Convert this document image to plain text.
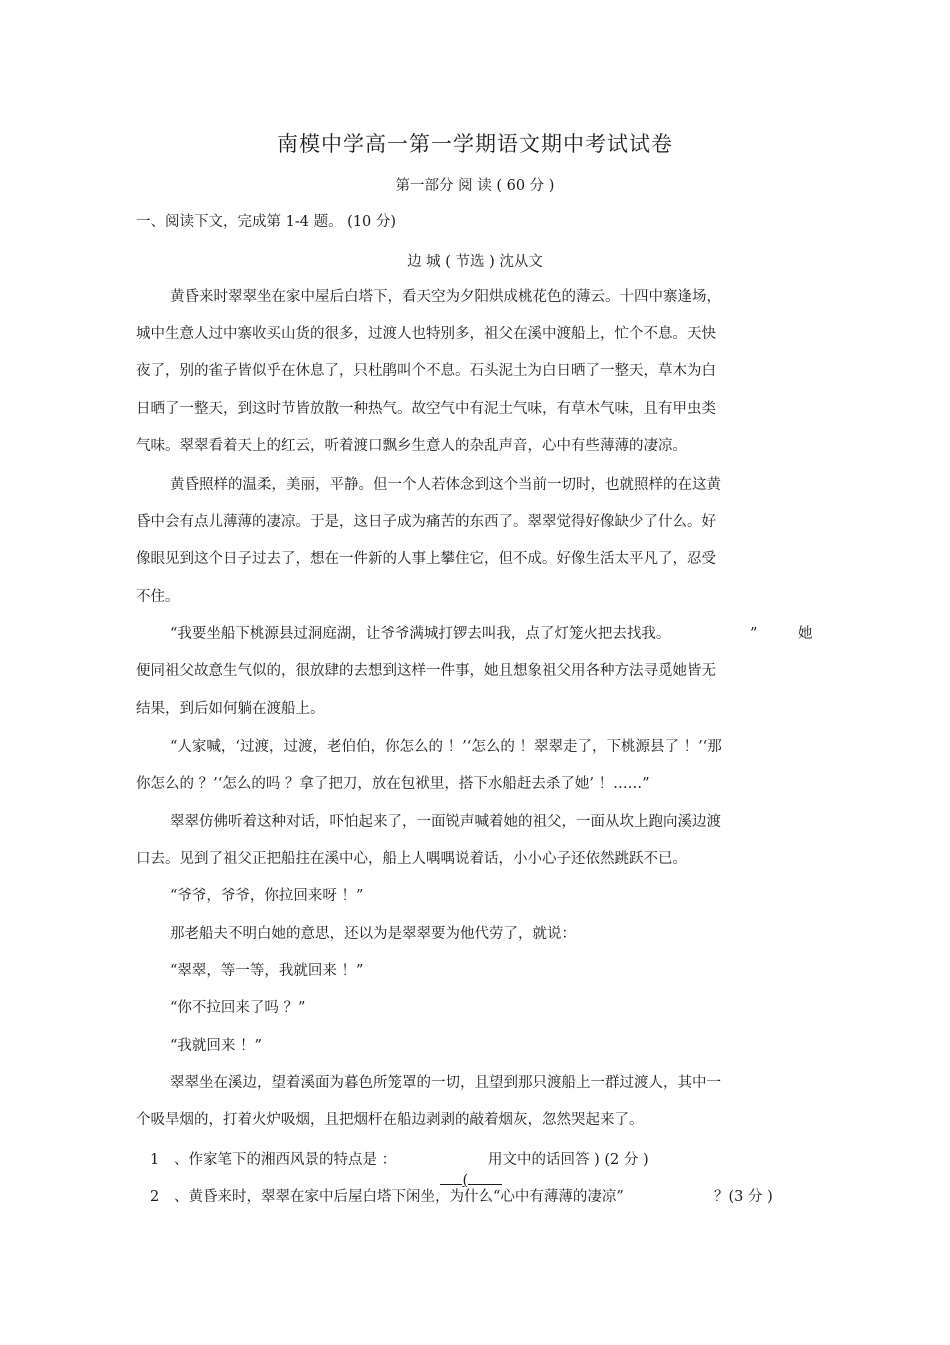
南模中学高一第一学期语文期中考试试卷
第一部分 阅 读 ( 60 分 )
一、阅读下文，完成第 1-4 题。 (10 分)
边 城 ( 节选 ) 沈从文
黄昏来时翠翠坐在家中屋后白塔下，看天空为夕阳烘成桃花色的薄云。十四中寨逢场，
城中生意人过中寨收买山货的很多，过渡人也特别多，祖父在溪中渡船上，忙个不息。天快
夜了，别的雀子皆似乎在休息了，只杜鹃叫个不息。石头泥土为白日晒了一整天，草木为白
日晒了一整天，到这时节皆放散一种热气。故空气中有泥土气味，有草木气味，且有甲虫类
气味。翠翠看着天上的红云，听着渡口飘乡生意人的杂乱声音，心中有些薄薄的凄凉。
黄昏照样的温柔，美丽，平静。但一个人若体念到这个当前一切时，也就照样的在这黄
昏中会有点儿薄薄的凄凉。于是，这日子成为痛苦的东西了。翠翠觉得好像缺少了什么。好
像眼见到这个日子过去了，想在一件新的人事上攀住它，但不成。好像生活太平凡了，忍受
不住。
“我要坐船下桃源县过洞庭湖，让爷爷满城打锣去叫我，点了灯笼火把去找我。	”	她
便同祖父故意生气似的，很放肆的去想到这样一件事，她且想象祖父用各种方法寻觅她皆无
结果，到后如何躺在渡船上。
“人家喊，‘过渡，过渡，老伯伯，你怎么的 ！’‘怎么的 ！翠翠走了，下桃源县了 ！’‘那
你怎么的 ？’‘怎么的吗 ？拿了把刀，放在包袱里，搭下水船赶去杀了她’ ！……”
翠翠仿佛听着这种对话，吓怕起来了，一面锐声喊着她的祖父，一面从坎上跑向溪边渡
口去。见到了祖父正把船拄在溪中心，船上人喁喁说着话，小小心子还依然跳跃不已。
“爷爷，爷爷，你拉回来呀 ！”
那老船夫不明白她的意思，还以为是翠翠要为他代劳了，就说：
“翠翠，等一等，我就回来 ！”
“你不拉回来了吗 ？”
“我就回来 ！”
翠翠坐在溪边，望着溪面为暮色所笼罩的一切，且望到那只渡船上一群过渡人，其中一
个吸旱烟的，打着火炉吸烟，且把烟杆在船边剥剥的敲着烟灰，忽然哭起来了。
1 、作家笔下的湘西风景的特点是 ：

(

用文中的话回答 ) (2 分 )
2 、黄昏来时，翠翠在家中后屋白塔下闲坐，为什么“心中有薄薄的凄凉”	？(3 分 )
